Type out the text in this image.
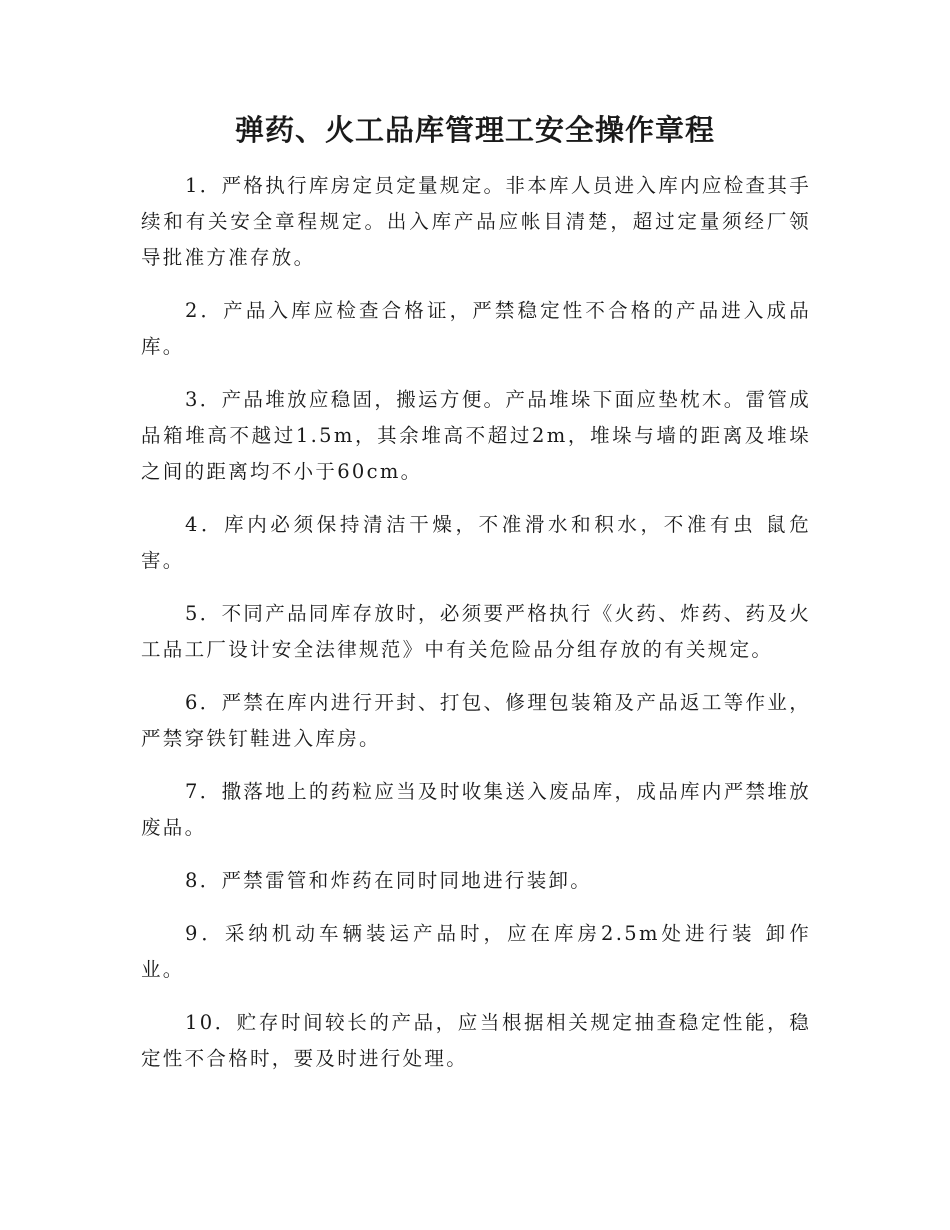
弹药、火工品库管理工安全操作章程

1．严格执行库房定员定量规定。非本库人员进入库内应检查其手续和有关安全章程规定。出入库产品应帐目清楚，超过定量须经厂领导批准方准存放。

2．产品入库应检查合格证，严禁稳定性不合格的产品进入成品库。

3．产品堆放应稳固，搬运方便。产品堆垛下面应垫枕木。雷管成品箱堆高不越过1.5m，其余堆高不超过2m，堆垛与墙的距离及堆垛之间的距离均不小于60cm。

4．库内必须保持清洁干燥，不准滑水和积水，不准有虫 鼠危害。

5．不同产品同库存放时，必须要严格执行《火药、炸药、药及火工品工厂设计安全法律规范》中有关危险品分组存放的有关规定。

6．严禁在库内进行开封、打包、修理包装箱及产品返工等作业，严禁穿铁钉鞋进入库房。

7．撒落地上的药粒应当及时收集送入废品库，成品库内严禁堆放废品。

8．严禁雷管和炸药在同时同地进行装卸。

9．采纳机动车辆装运产品时，应在库房2.5m处进行装 卸作业。

10．贮存时间较长的产品，应当根据相关规定抽查稳定性能，稳定性不合格时，要及时进行处理。
